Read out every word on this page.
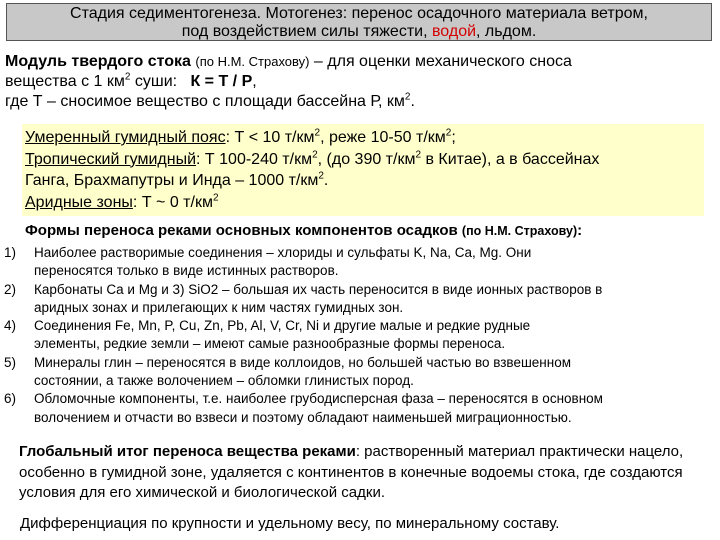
Стадия седиментогенеза. Мотогенез: перенос осадочного материала ветром,
под воздействием силы тяжести, водой, льдом.
Модуль твердого стока (по Н.М. Страхову) – для оценки механического сноса
вещества с 1 $км^2$ суши:   К = Т / Р,
где Т – сносимое вещество с площади бассейна Р, $км^2$.
Умеренный гумидный пояс: Т < 10 $т/км^2$, реже 10-50 $т/км^2$;
Тропический гумидный: Т 100-240 $т/км^2$, (до 390 $т/км^2$ в Китае), а в бассейнах
Ганга, Брахмапутры и Инда – 1000 $т/км^2$.
Аридные зоны: Т ~ 0 $т/км^2$
Формы переноса реками основных компонентов осадков (по Н.М. Страхову):
1) Наиболее растворимые соединения – хлориды и сульфаты K, Na, Ca, Mg. Они
переносятся только в виде истинных растворов.
2) Карбонаты Ca и Mg и 3) SiO2 – большая их часть переносится в виде ионных растворов в
аридных зонах и прилегающих к ним частях гумидных зон.
4) Соединения Fe, Mn, P, Cu, Zn, Pb, Al, V, Cr, Ni и другие малые и редкие рудные
элементы, редкие земли – имеют самые разнообразные формы переноса.
5) Минералы глин – переносятся в виде коллоидов, но большей частью во взвешенном
состоянии, а также волочением – обломки глинистых пород.
6) Обломочные компоненты, т.е. наиболее грубодисперсная фаза – переносятся в основном
волочением и отчасти во взвеси и поэтому обладают наименьшей миграционностью.
Глобальный итог переноса вещества реками: растворенный материал практически нацело, особенно в гумидной зоне, удаляется с континентов в конечные водоемы стока, где создаются условия для его химической и биологической садки.
Дифференциация по крупности и удельному весу, по минеральному составу.
